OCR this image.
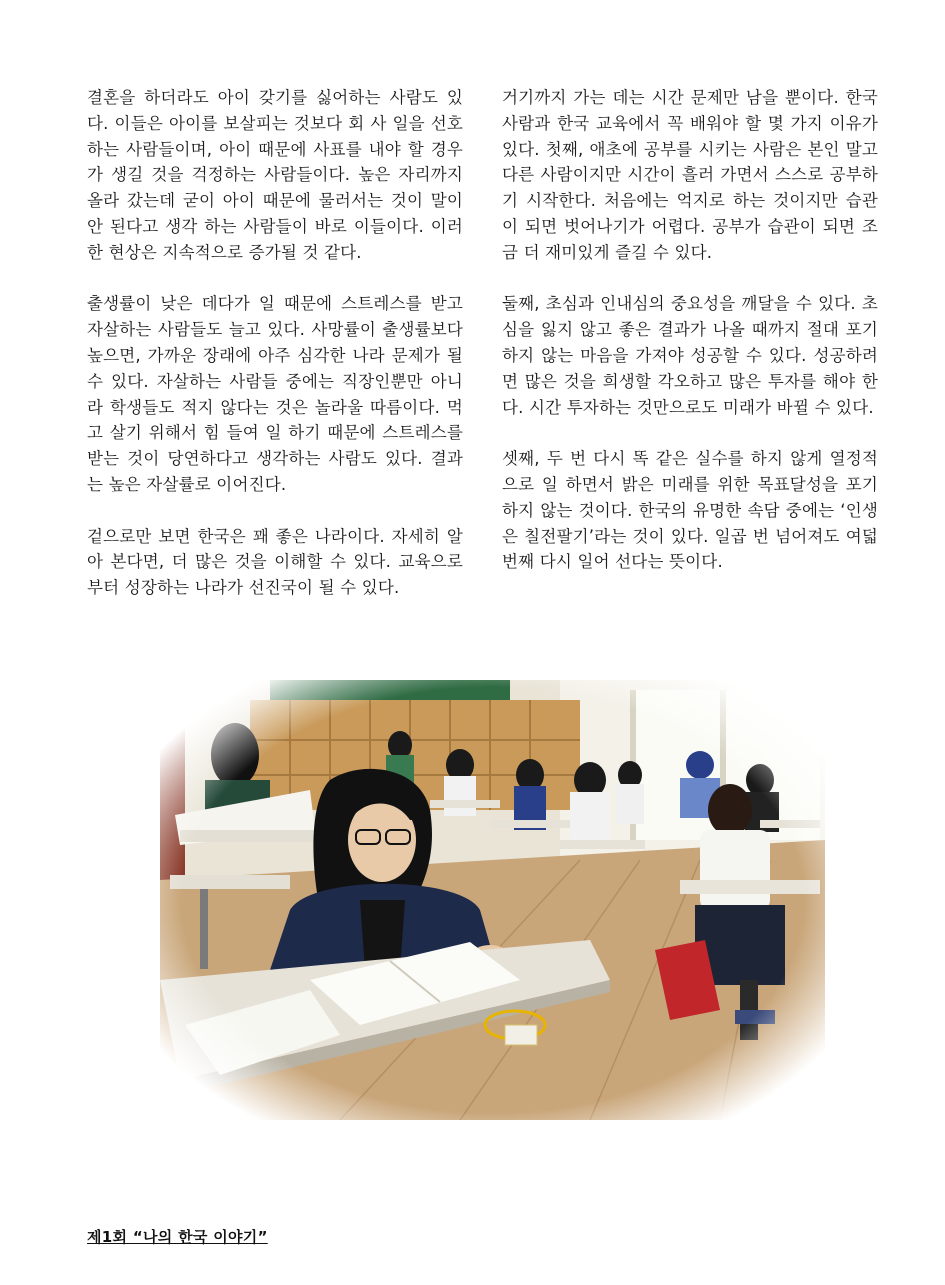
결혼을 하더라도 아이 갖기를 싫어하는 사람도 있다. 이들은 아이를 보살피는 것보다 회 사 일을 선호하는 사람들이며, 아이 때문에 사표를 내야 할 경우가 생길 것을 걱정하는 사람들이다. 높은 자리까지 올라 갔는데 굳이 아이 때문에 물러서는 것이 말이 안 된다고 생각 하는 사람들이 바로 이들이다. 이러한 현상은 지속적으로 증가될 것 같다.

출생률이 낮은 데다가 일 때문에 스트레스를 받고 자살하는 사람들도 늘고 있다. 사망률이 출생률보다 높으면, 가까운 장래에 아주 심각한 나라 문제가 될 수 있다. 자살하는 사람들 중에는 직장인뿐만 아니라 학생들도 적지 않다는 것은 놀라울 따름이다. 먹고 살기 위해서 힘 들여 일 하기 때문에 스트레스를 받는 것이 당연하다고 생각하는 사람도 있다. 결과는 높은 자살률로 이어진다.

겉으로만 보면 한국은 꽤 좋은 나라이다. 자세히 알아 본다면, 더 많은 것을 이해할 수 있다. 교육으로부터 성장하는 나라가 선진국이 될 수 있다.

거기까지 가는 데는 시간 문제만 남을 뿐이다. 한국 사람과 한국 교육에서 꼭 배워야 할 몇 가지 이유가 있다. 첫째, 애초에 공부를 시키는 사람은 본인 말고 다른 사람이지만 시간이 흘러 가면서 스스로 공부하기 시작한다. 처음에는 억지로 하는 것이지만 습관이 되면 벗어나기가 어렵다. 공부가 습관이 되면 조금 더 재미있게 즐길 수 있다.

둘째, 초심과 인내심의 중요성을 깨달을 수 있다. 초심을 잃지 않고 좋은 결과가 나올 때까지 절대 포기하지 않는 마음을 가져야 성공할 수 있다. 성공하려면 많은 것을 희생할 각오하고 많은 투자를 해야 한다. 시간 투자하는 것만으로도 미래가 바뀔 수 있다.

셋째, 두 번 다시 똑 같은 실수를 하지 않게 열정적으로 일 하면서 밝은 미래를 위한 목표달성을 포기 하지 않는 것이다. 한국의 유명한 속담 중에는 ‘인생은 칠전팔기’라는 것이 있다. 일곱 번 넘어져도 여덟 번째 다시 일어 선다는 뜻이다.

제1회 “나의 한국 이야기”
